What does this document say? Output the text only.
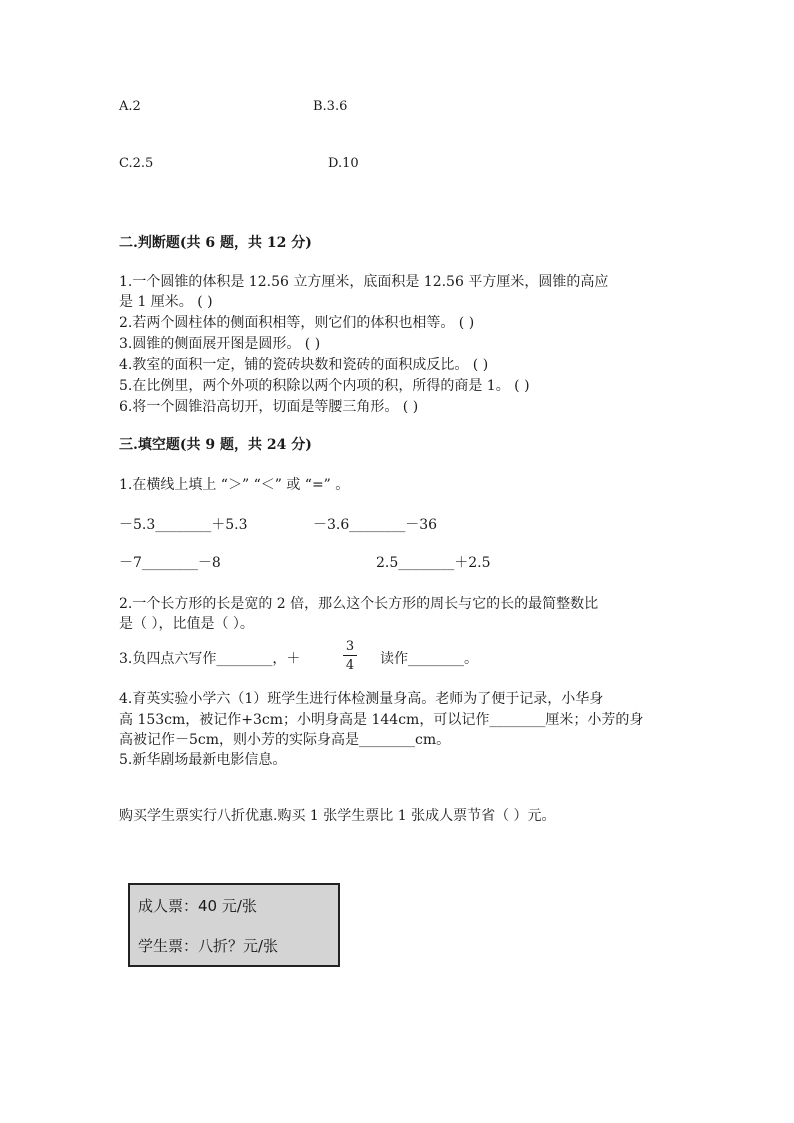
A.2	B.3.6
C.2.5	D.10
二.判断题(共 6 题，共 12 分)
1.一个圆锥的体积是 12.56 立方厘米，底面积是 12.56 平方厘米，圆锥的高应
是 1 厘米。 ( )
2.若两个圆柱体的侧面积相等，则它们的体积也相等。 ( )
3.圆锥的侧面展开图是圆形。 ( )
4.教室的面积一定，铺的瓷砖块数和瓷砖的面积成反比。 ( )
5.在比例里，两个外项的积除以两个内项的积，所得的商是 1。 ( )
6.将一个圆锥沿高切开，切面是等腰三角形。 ( )
三.填空题(共 9 题，共 24 分)
1.在横线上填上 “＞” “＜” 或 “=” 。
－5.3________＋5.3	－3.6________－36
－7________－8	2.5________＋2.5
2.一个长方形的长是宽的 2 倍，那么这个长方形的周长与它的长的最简整数比
是（ ），比值是（ ）。
3.负四点六写作________，＋
3
4	读作________。
4.育英实验小学六（1）班学生进行体检测量身高。老师为了便于记录，小华身
高 153cm，被记作+3cm；小明身高是 144cm，可以记作________厘米；小芳的身
高被记作－5cm，则小芳的实际身高是________cm。
5.新华剧场最新电影信息。
购买学生票实行八折优惠.购买 1 张学生票比 1 张成人票节省（ ）元。
成人票：40 元/张
学生票：八折？元/张
